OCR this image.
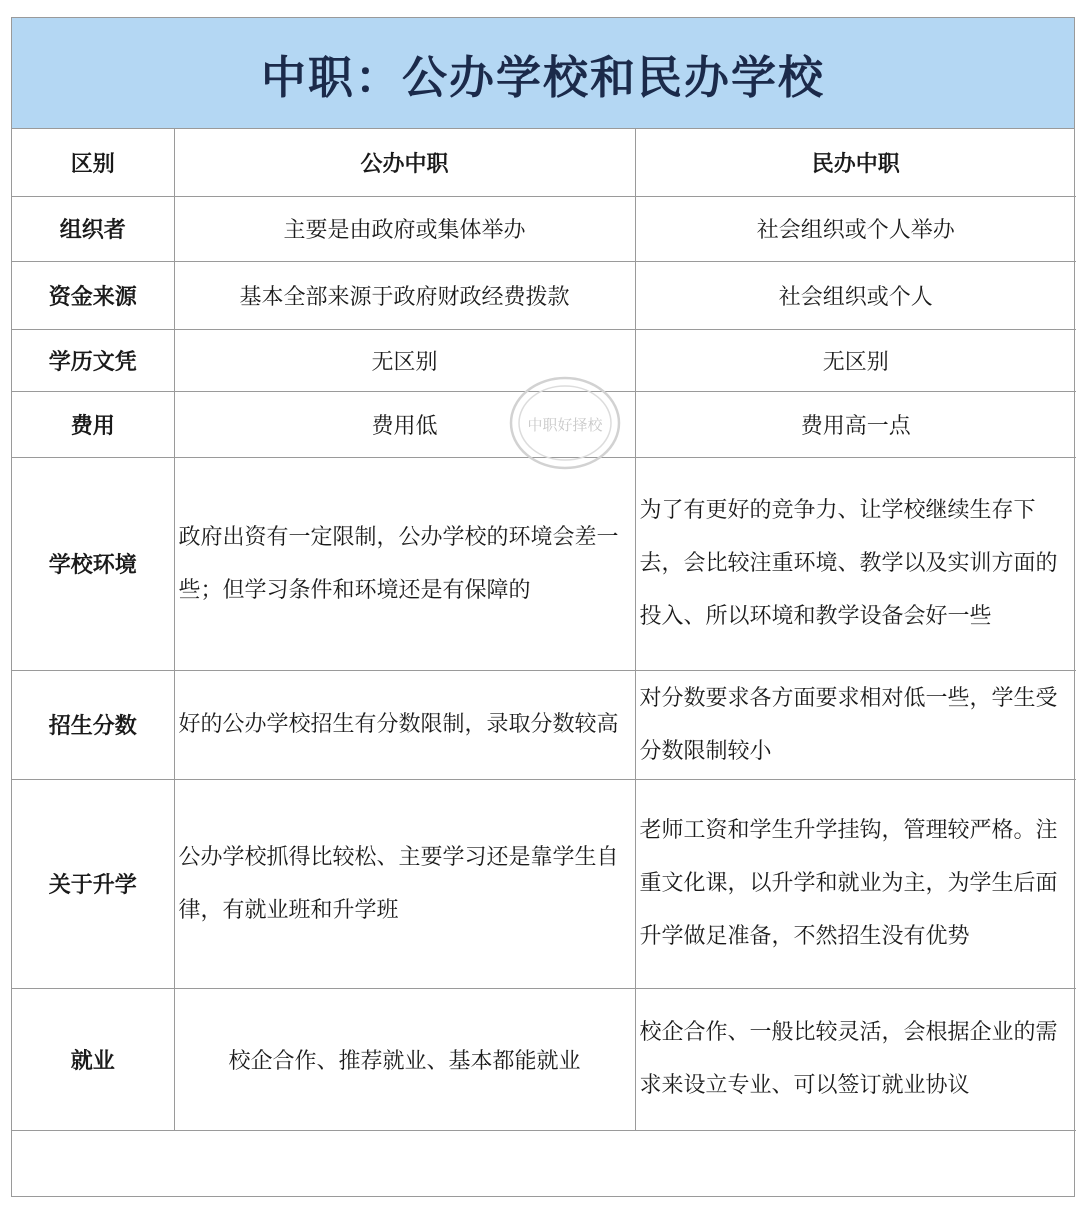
中职：公办学校和民办学校
区别	公办中职	民办中职
组织者	主要是由政府或集体举办	社会组织或个人举办
资金来源	基本全部来源于政府财政经费拨款	社会组织或个人
学历文凭	无区别	无区别
费用	费用低	费用高一点
学校环境	政府出资有一定限制，公办学校的环境会差一些；但学习条件和环境还是有保障的	为了有更好的竞争力、让学校继续生存下去，会比较注重环境、教学以及实训方面的投入、所以环境和教学设备会好一些
招生分数	好的公办学校招生有分数限制，录取分数较高	对分数要求各方面要求相对低一些，学生受分数限制较小
关于升学	公办学校抓得比较松、主要学习还是靠学生自律，有就业班和升学班	老师工资和学生升学挂钩，管理较严格。注重文化课，以升学和就业为主，为学生后面升学做足准备，不然招生没有优势
就业	校企合作、推荐就业、基本都能就业	校企合作、一般比较灵活，会根据企业的需求来设立专业、可以签订就业协议

中职好择校
